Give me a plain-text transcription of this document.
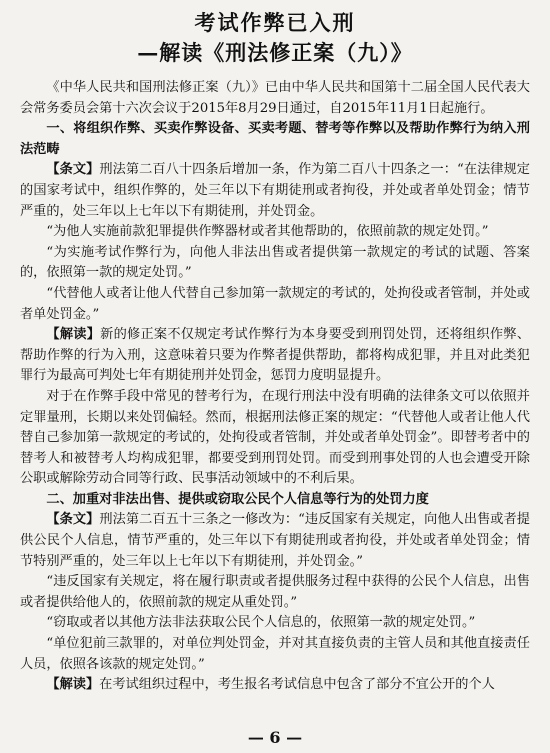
考试作弊已入刑
—解读《刑法修正案（九）》

《中华人民共和国刑法修正案（九）》已由中华人民共和国第十二届全国人民代表大会常务委员会第十六次会议于2015年8月29日通过，自2015年11月1日起施行。

一、将组织作弊、买卖作弊设备、买卖考题、替考等作弊以及帮助作弊行为纳入刑法范畴

【条文】刑法第二百八十四条后增加一条，作为第二百八十四条之一：“在法律规定的国家考试中，组织作弊的，处三年以下有期徒刑或者拘役，并处或者单处罚金；情节严重的，处三年以上七年以下有期徒刑，并处罚金。

“为他人实施前款犯罪提供作弊器材或者其他帮助的，依照前款的规定处罚。”

“为实施考试作弊行为，向他人非法出售或者提供第一款规定的考试的试题、答案的，依照第一款的规定处罚。”

“代替他人或者让他人代替自己参加第一款规定的考试的，处拘役或者管制，并处或者单处罚金。”

【解读】新的修正案不仅规定考试作弊行为本身要受到刑罚处罚，还将组织作弊、帮助作弊的行为入刑，这意味着只要为作弊者提供帮助，都将构成犯罪，并且对此类犯罪行为最高可判处七年有期徒刑并处罚金，惩罚力度明显提升。

对于在作弊手段中常见的替考行为，在现行刑法中没有明确的法律条文可以依照并定罪量刑，长期以来处罚偏轻。然而，根据刑法修正案的规定：“代替他人或者让他人代替自己参加第一款规定的考试的，处拘役或者管制，并处或者单处罚金”。即替考者中的替考人和被替考人均构成犯罪，都要受到刑罚处罚。而受到刑事处罚的人也会遭受开除公职或解除劳动合同等行政、民事活动领域中的不利后果。

二、加重对非法出售、提供或窃取公民个人信息等行为的处罚力度

【条文】刑法第二百五十三条之一修改为：“违反国家有关规定，向他人出售或者提供公民个人信息，情节严重的，处三年以下有期徒刑或者拘役，并处或者单处罚金；情节特别严重的，处三年以上七年以下有期徒刑，并处罚金。”

“违反国家有关规定，将在履行职责或者提供服务过程中获得的公民个人信息，出售或者提供给他人的，依照前款的规定从重处罚。”

“窃取或者以其他方法非法获取公民个人信息的，依照第一款的规定处罚。”

“单位犯前三款罪的，对单位判处罚金，并对其直接负责的主管人员和其他直接责任人员，依照各该款的规定处罚。”

【解读】在考试组织过程中，考生报名考试信息中包含了部分不宜公开的个人

— 6 —
